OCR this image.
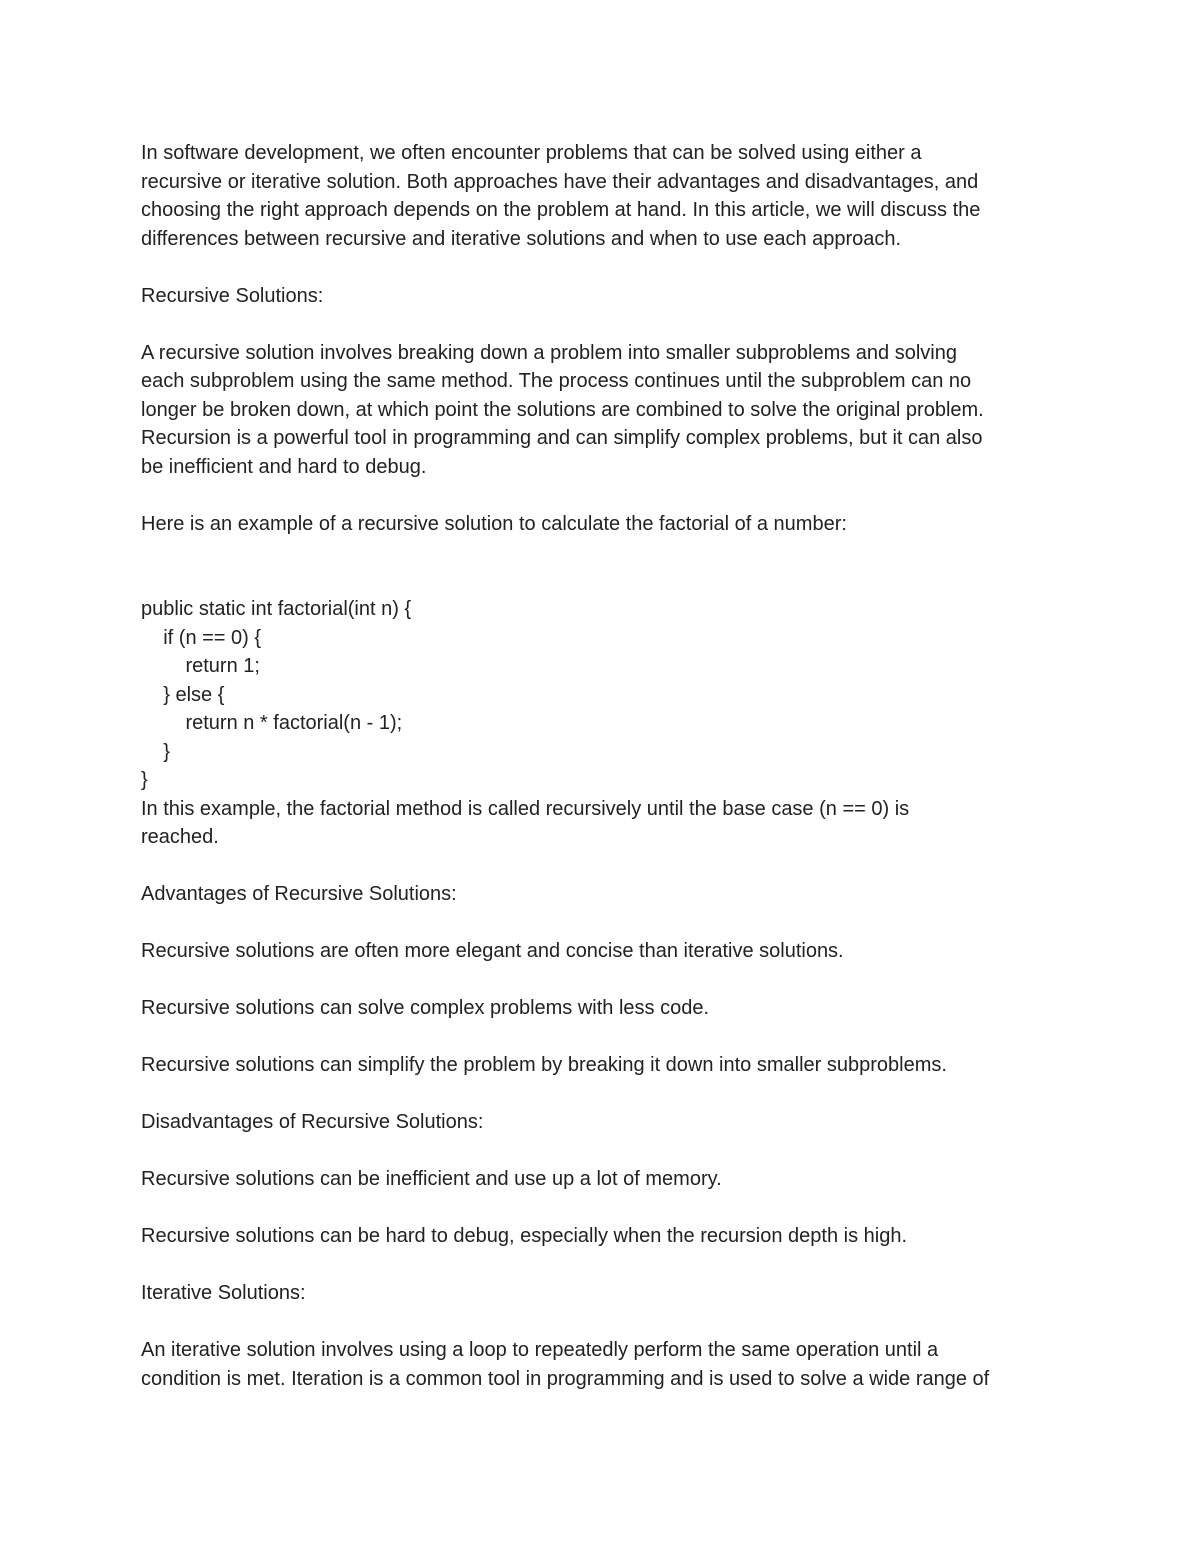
In software development, we often encounter problems that can be solved using either a

recursive or iterative solution. Both approaches have their advantages and disadvantages, and

choosing the right approach depends on the problem at hand. In this article, we will discuss the

differences between recursive and iterative solutions and when to use each approach.

Recursive Solutions:

A recursive solution involves breaking down a problem into smaller subproblems and solving

each subproblem using the same method. The process continues until the subproblem can no

longer be broken down, at which point the solutions are combined to solve the original problem.

Recursion is a powerful tool in programming and can simplify complex problems, but it can also

be inefficient and hard to debug.

Here is an example of a recursive solution to calculate the factorial of a number:

public static int factorial(int n) {

if (n == 0) {

return 1;

} else {

return n * factorial(n - 1);

}

}

In this example, the factorial method is called recursively until the base case (n == 0) is

reached.

Advantages of Recursive Solutions:

Recursive solutions are often more elegant and concise than iterative solutions.

Recursive solutions can solve complex problems with less code.

Recursive solutions can simplify the problem by breaking it down into smaller subproblems.

Disadvantages of Recursive Solutions:

Recursive solutions can be inefficient and use up a lot of memory.

Recursive solutions can be hard to debug, especially when the recursion depth is high.

Iterative Solutions:

An iterative solution involves using a loop to repeatedly perform the same operation until a

condition is met. Iteration is a common tool in programming and is used to solve a wide range of
